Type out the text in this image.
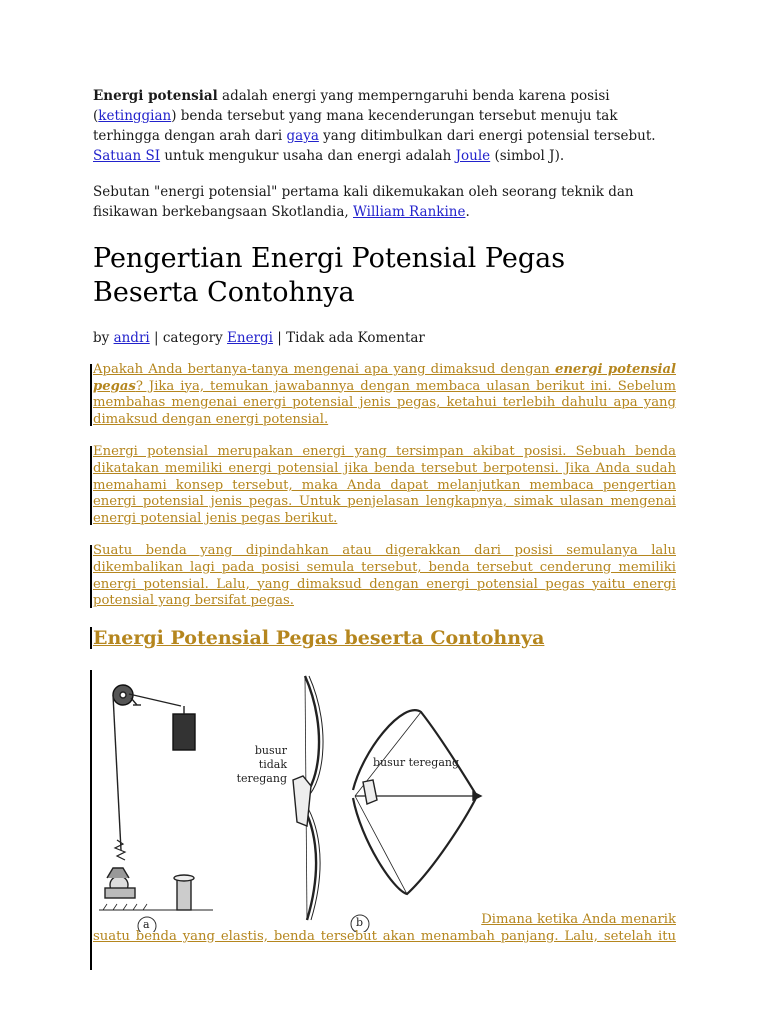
Energi potensial adalah energi yang memperngaruhi benda karena posisi (ketinggian) benda tersebut yang mana kecenderungan tersebut menuju tak terhingga dengan arah dari gaya yang ditimbulkan dari energi potensial tersebut. Satuan SI untuk mengukur usaha dan energi adalah Joule (simbol J).

Sebutan "energi potensial" pertama kali dikemukakan oleh seorang teknik dan fisikawan berkebangsaan Skotlandia, William Rankine.

Pengertian Energi Potensial Pegas Beserta Contohnya

by andri | category Energi | Tidak ada Komentar

Apakah Anda bertanya-tanya mengenai apa yang dimaksud dengan energi potensial pegas? Jika iya, temukan jawabannya dengan membaca ulasan berikut ini. Sebelum membahas mengenai energi potensial jenis pegas, ketahui terlebih dahulu apa yang dimaksud dengan energi potensial.

Energi potensial merupakan energi yang tersimpan akibat posisi. Sebuah benda dikatakan memiliki energi potensial jika benda tersebut berpotensi. Jika Anda sudah memahami konsep tersebut, maka Anda dapat melanjutkan membaca pengertian energi potensial jenis pegas. Untuk penjelasan lengkapnya, simak ulasan mengenai energi potensial jenis pegas berikut.

Suatu benda yang dipindahkan atau digerakkan dari posisi semulanya lalu dikembalikan lagi pada posisi semula tersebut, benda tersebut cenderung memiliki energi potensial. Lalu, yang dimaksud dengan energi potensial pegas yaitu energi potensial yang bersifat pegas.

Energi Potensial Pegas beserta Contohnya
a	b
busur tidak teregang
busur teregang
Dimana ketika Anda menarik
suatu benda yang elastis, benda tersebut akan menambah panjang. Lalu, setelah itu
